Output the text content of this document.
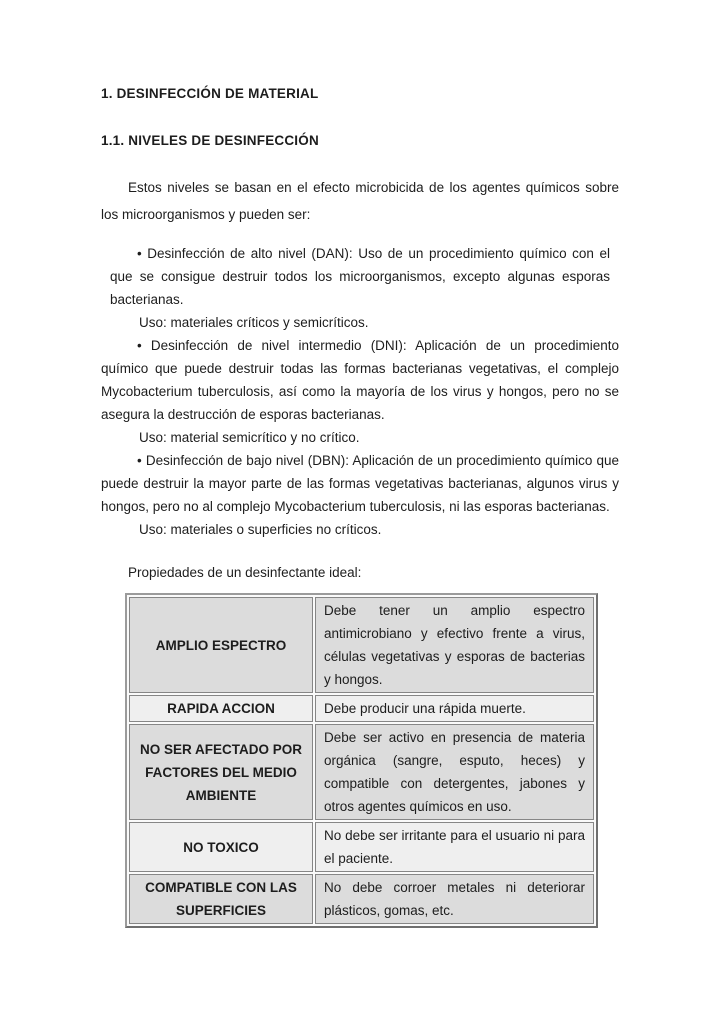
1. DESINFECCIÓN DE MATERIAL

1.1. NIVELES DE DESINFECCIÓN

Estos niveles se basan en el efecto microbicida de los agentes químicos sobre los microorganismos y pueden ser:

• Desinfección de alto nivel (DAN): Uso de un procedimiento químico con el que se consigue destruir todos los microorganismos, excepto algunas esporas bacterianas.

Uso: materiales críticos y semicríticos.

• Desinfección de nivel intermedio (DNI): Aplicación de un procedimiento químico que puede destruir todas las formas bacterianas vegetativas, el complejo Mycobacterium tuberculosis, así como la mayoría de los virus y hongos, pero no se asegura la destrucción de esporas bacterianas.

Uso: material semicrítico y no crítico.

• Desinfección de bajo nivel (DBN): Aplicación de un procedimiento químico que puede destruir la mayor parte de las formas vegetativas bacterianas, algunos virus y hongos, pero no al complejo Mycobacterium tuberculosis, ni las esporas bacterianas.

Uso: materiales o superficies no críticos.

Propiedades de un desinfectante ideal:

AMPLIO ESPECTRO	Debe tener un amplio espectro antimicrobiano y efectivo frente a virus, células vegetativas y esporas de bacterias y hongos.
RAPIDA ACCION	Debe producir una rápida muerte.
NO SER AFECTADO POR FACTORES DEL MEDIO AMBIENTE	Debe ser activo en presencia de materia orgánica (sangre, esputo, heces) y compatible con detergentes, jabones y otros agentes químicos en uso.
NO TOXICO	No debe ser irritante para el usuario ni para el paciente.
COMPATIBLE CON LAS SUPERFICIES	No debe corroer metales ni deteriorar plásticos, gomas, etc.
